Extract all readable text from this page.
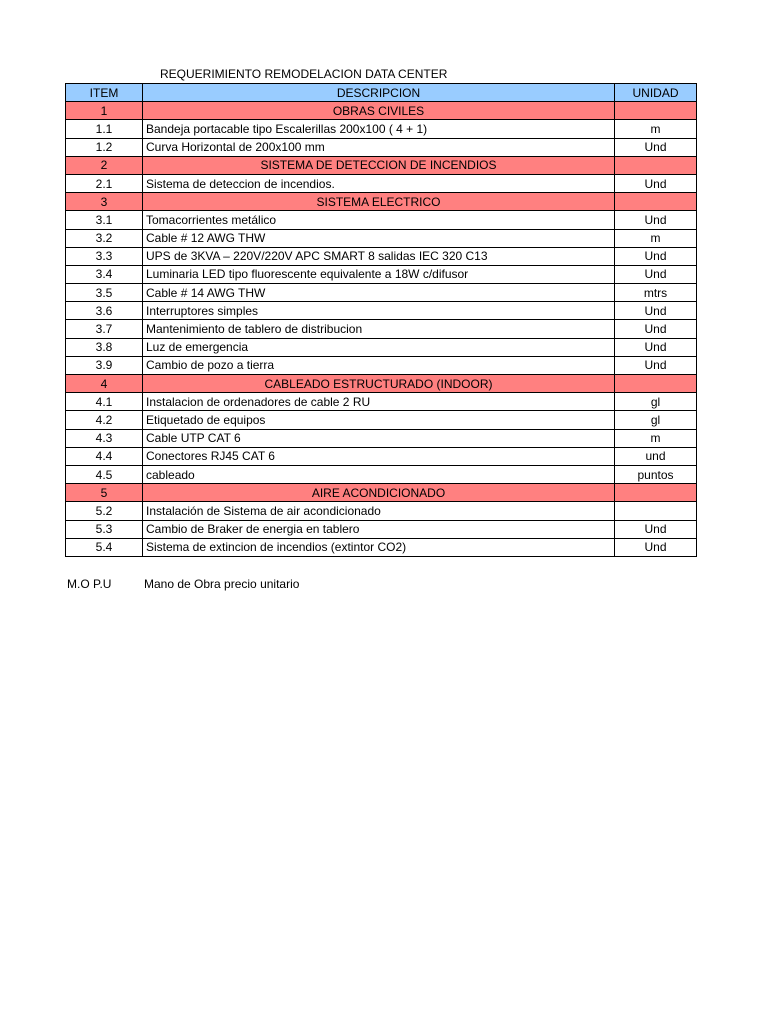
REQUERIMIENTO REMODELACION DATA CENTER
ITEM	DESCRIPCION	UNIDAD
1	OBRAS CIVILES	
1.1	Bandeja portacable tipo Escalerillas 200x100 ( 4 + 1)	m
1.2	Curva Horizontal de 200x100 mm	Und
2	SISTEMA DE DETECCION DE INCENDIOS	
2.1	Sistema de deteccion de incendios.	Und
3	SISTEMA ELECTRICO	
3.1	Tomacorrientes metálico	Und
3.2	Cable # 12 AWG THW	m
3.3	UPS de 3KVA – 220V/220V APC SMART 8 salidas IEC 320 C13	Und
3.4	Luminaria LED tipo fluorescente equivalente a 18W c/difusor	Und
3.5	Cable # 14 AWG THW	mtrs
3.6	Interruptores simples	Und
3.7	Mantenimiento de tablero de distribucion	Und
3.8	Luz de emergencia	Und
3.9	Cambio de pozo a tierra	Und
4	CABLEADO ESTRUCTURADO (INDOOR)	
4.1	Instalacion de ordenadores de cable 2 RU	gl
4.2	Etiquetado de equipos	gl
4.3	Cable UTP CAT 6	m
4.4	Conectores RJ45 CAT 6	und
4.5	cableado	puntos
5	AIRE ACONDICIONADO	
5.2	Instalación de Sistema de air acondicionado	
5.3	Cambio de Braker de energia en tablero	Und
5.4	Sistema de extincion de incendios (extintor CO2)	Und
M.O P.U	Mano de Obra precio unitario
